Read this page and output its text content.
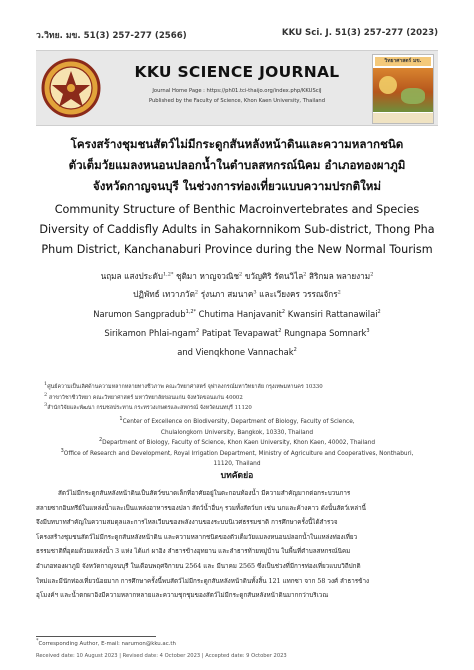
ว.วิทย. มข. 51(3) 257-277 (2566)	KKU Sci. J. 51(3) 257-277 (2023)
KKU SCIENCE JOURNAL
Journal Home Page : https://ph01.tci-thaijo.org/index.php/KKUSciJ
Published by the Faculty of Science, Khon Kaen University, Thailand
วิทยาศาสตร์ มข.
โครงสร้างชุมชนสัตว์ไม่มีกระดูกสันหลังหน้าดินและความหลากชนิด
ตัวเต็มวัยแมลงหนอนปลอกน้ำในตำบลสหกรณ์นิคม อำเภอทองผาภูมิ
จังหวัดกาญจนบุรี ในช่วงการท่องเที่ยวแบบความปรกติใหม่
Community Structure of Benthic Macroinvertebrates and Species
Diversity of Caddisfly Adults in Sahakornnikom Sub-district, Thong Pha
Phum District, Kanchanaburi Province during the New Normal Tourism
นฤมล แสงประดับ$^{1,2*}$ ชุติมา หาญจวณิช$^2$ ขวัญศิริ รัตนวิไล$^2$ สิริกมล พลายงาม$^2$
ปฏิพัทธ์ เทวาภวัต$^2$ รุ่งนภา สมนาค$^3$ และเวียงคร วรรณจักร$^2$
Narumon Sangpradub$^{1,2*}$ Chutima Hanjavanit$^2$ Kwansiri Rattanawilai$^2$
Sirikamon Phlai-ngam$^2$ Patipat Tevapawat$^2$ Rungnapa Somnark$^3$
and Vienqkhone Vannachak$^2$
$^1$ศูนย์ความเป็นเลิศด้านความหลากหลายทางชีวภาพ คณะวิทยาศาสตร์ จุฬาลงกรณ์มหาวิทยาลัย กรุงเทพมหานคร 10330
$^2$ สาขาวิชาชีววิทยา คณะวิทยาศาสตร์ มหาวิทยาลัยขอนแก่น จังหวัดขอนแก่น 40002
$^3$สำนักวิจัยและพัฒนา กรมชลประทาน กระทรวงเกษตรและสหกรณ์ จังหวัดนนทบุรี 11120
$^1$Center of Excellence on Biodiversity, Department of Biology, Faculty of Science,
Chulalongkorn University, Bangkok, 10330, Thailand
$^2$Department of Biology, Faculty of Science, Khon Kaen University, Khon Kaen, 40002, Thailand
$^3$Office of Research and Development, Royal Irrigation Department, Ministry of Agriculture and Cooperatives, Nonthaburi,
11120, Thailand
บทคัดย่อ
สัตว์ไม่มีกระดูกสันหลังหน้าดินเป็นสัตว์ขนาดเล็กที่อาศัยอยู่ในตะกอนท้องน้ำ มีความสำคัญมากต่อกระบวนการ
สลายซากอินทรีย์ในแหล่งน้ำและเป็นแหล่งอาหารของปลา สัตว์น้ำอื่นๆ รวมทั้งสัตว์บก เช่น นกและค้างคาว ดังนั้นสัตว์เหล่านี้
จึงมีบทบาทสำคัญในความสมดุลและการไหลเวียนของพลังงานของระบบนิเวศธรรมชาติ การศึกษาครั้งนี้ได้สำรวจ
โครงสร้างชุมชนสัตว์ไม่มีกระดูกสันหลังหน้าดิน และความหลากชนิดของตัวเต็มวัยแมลงหนอนปลอกน้ำในแหล่งท่องเที่ยว
ธรรมชาติที่อุดมด้วยแหล่งน้ำ 3 แห่ง ได้แก่ ผาอิง ลำธารข้างอุทยาน และลำธารท้ายหมู่บ้าน ในพื้นที่ตำบลสหกรณ์นิคม
อำเภอทองผาภูมิ จังหวัดกาญจนบุรี ในเดือนพฤศจิกายน 2564 และ มีนาคม 2565 ซึ่งเป็นช่วงที่มีการท่องเที่ยวแบบวิถีปกติ
ใหม่และมีนักท่องเที่ยวน้อยมาก การศึกษาครั้งนี้พบสัตว์ไม่มีกระดูกสันหลังหน้าดินทั้งสิ้น 121 แทกซา จาก 58 วงศ์ ลำธารข้าง
อุโมงค์ฯ และน้ำตกผาอิงมีความหลากหลายและความชุกชุมของสัตว์ไม่มีกระดูกสันหลังหน้าดินมากกว่าบริเวณ
*Corresponding Author, E-mail: narumon@kku.ac.th
Received date: 10 August 2023 | Revised date: 4 October 2023 | Accepted date: 9 October 2023
